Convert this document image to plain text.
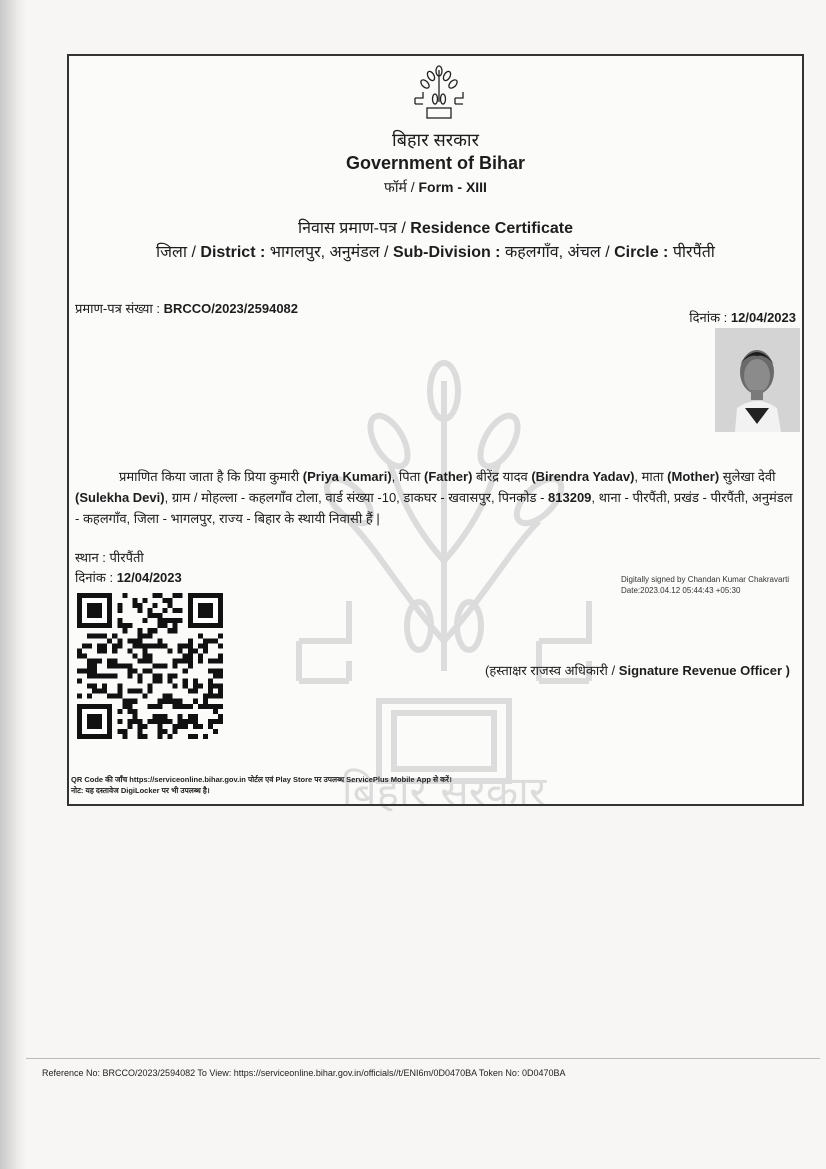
बिहार सरकार
बिहार सरकार
Government of Bihar
फॉर्म / Form - XIII
निवास प्रमाण-पत्र / Residence Certificate
जिला / District : भागलपुर, अनुमंडल / Sub-Division : कहलगाँव, अंचल / Circle : पीरपैंती
प्रमाण-पत्र संख्या : BRCCO/2023/2594082
दिनांक : 12/04/2023
प्रमाणित किया जाता है कि प्रिया कुमारी (Priya Kumari), पिता (Father) बीरेंद्र यादव (Birendra Yadav), माता (Mother) सुलेखा देवी (Sulekha Devi), ग्राम / मोहल्ला - कहलगाँव टोला, वार्ड संख्या -10, डाकघर - खवासपुर, पिनकोड - 813209, थाना - पीरपैंती, प्रखंड - पीरपैंती, अनुमंडल - कहलगाँव, जिला - भागलपुर, राज्य - बिहार के स्थायी निवासी हैं |
स्थान : पीरपैंती
दिनांक : 12/04/2023	Digitally signed by Chandan Kumar Chakravarti
Date:2023.04.12 05:44:43 +05:30
(हस्ताक्षर राजस्व अधिकारी / Signature Revenue Officer )
QR Code की जाँच https://serviceonline.bihar.gov.in पोर्टल एवं Play Store पर उपलब्ध ServicePlus Mobile App से करें।
नोट: यह दस्तावेज DigiLocker पर भी उपलब्ध है।
Reference No: BRCCO/2023/2594082 To View: https://serviceonline.bihar.gov.in/officials//t/ENI6m/0D0470BA Token No: 0D0470BA
